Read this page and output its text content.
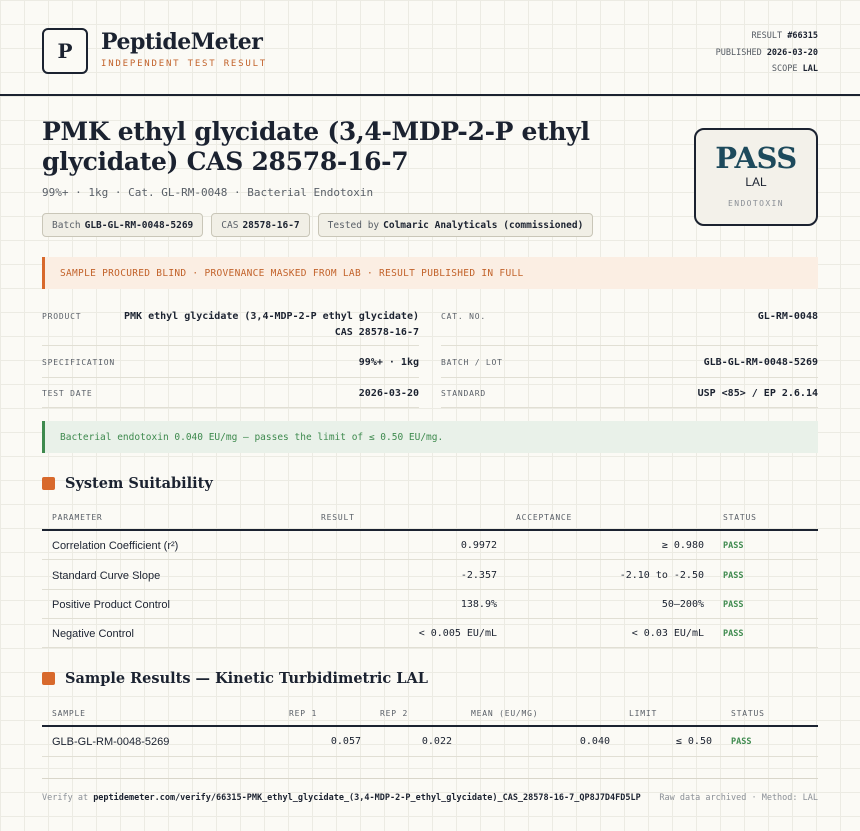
P PeptideMeter
INDEPENDENT TEST RESULT
RESULT #66315
PUBLISHED 2026-03-20
SCOPE LAL
PMK ethyl glycidate (3,4-MDP-2-P ethyl glycidate) CAS 28578-16-7
99%+ · 1kg · Cat. GL-RM-0048 · Bacterial Endotoxin
Batch GLB-GL-RM-0048-5269	CAS 28578-16-7	Tested by Colmaric Analyticals (commissioned)
PASS
LAL
ENDOTOXIN
SAMPLE PROCURED BLIND · PROVENANCE MASKED FROM LAB · RESULT PUBLISHED IN FULL
PRODUCT	PMK ethyl glycidate (3,4-MDP-2-P ethyl glycidate) CAS 28578-16-7
CAT. NO.	GL-RM-0048
SPECIFICATION	99%+ · 1kg	BATCH / LOT	GLB-GL-RM-0048-5269
TEST DATE	2026-03-20	STANDARD	USP <85> / EP 2.6.14
Bacterial endotoxin 0.040 EU/mg — passes the limit of ≤ 0.50 EU/mg.
System Suitability
PARAMETER	RESULT	ACCEPTANCE	STATUS
Correlation Coefficient (r²)	0.9972	≥ 0.980 PASS
Standard Curve Slope	-2.357	-2.10 to -2.50 PASS
Positive Product Control	138.9%	50–200% PASS
Negative Control	< 0.005 EU/mL	< 0.03 EU/mL PASS
Sample Results — Kinetic Turbidimetric LAL
SAMPLE	REP 1	REP 2	MEAN (EU/MG)	LIMIT	STATUS
GLB-GL-RM-0048-5269	0.057	0.022	0.040	≤ 0.50 PASS
Verify at peptidemeter.com/verify/66315-PMK_ethyl_glycidate_(3,4-MDP-2-P_ethyl_glycidate)_CAS_28578-16-7_QP8J7D4FD5LP Raw data archived · Method: LAL
